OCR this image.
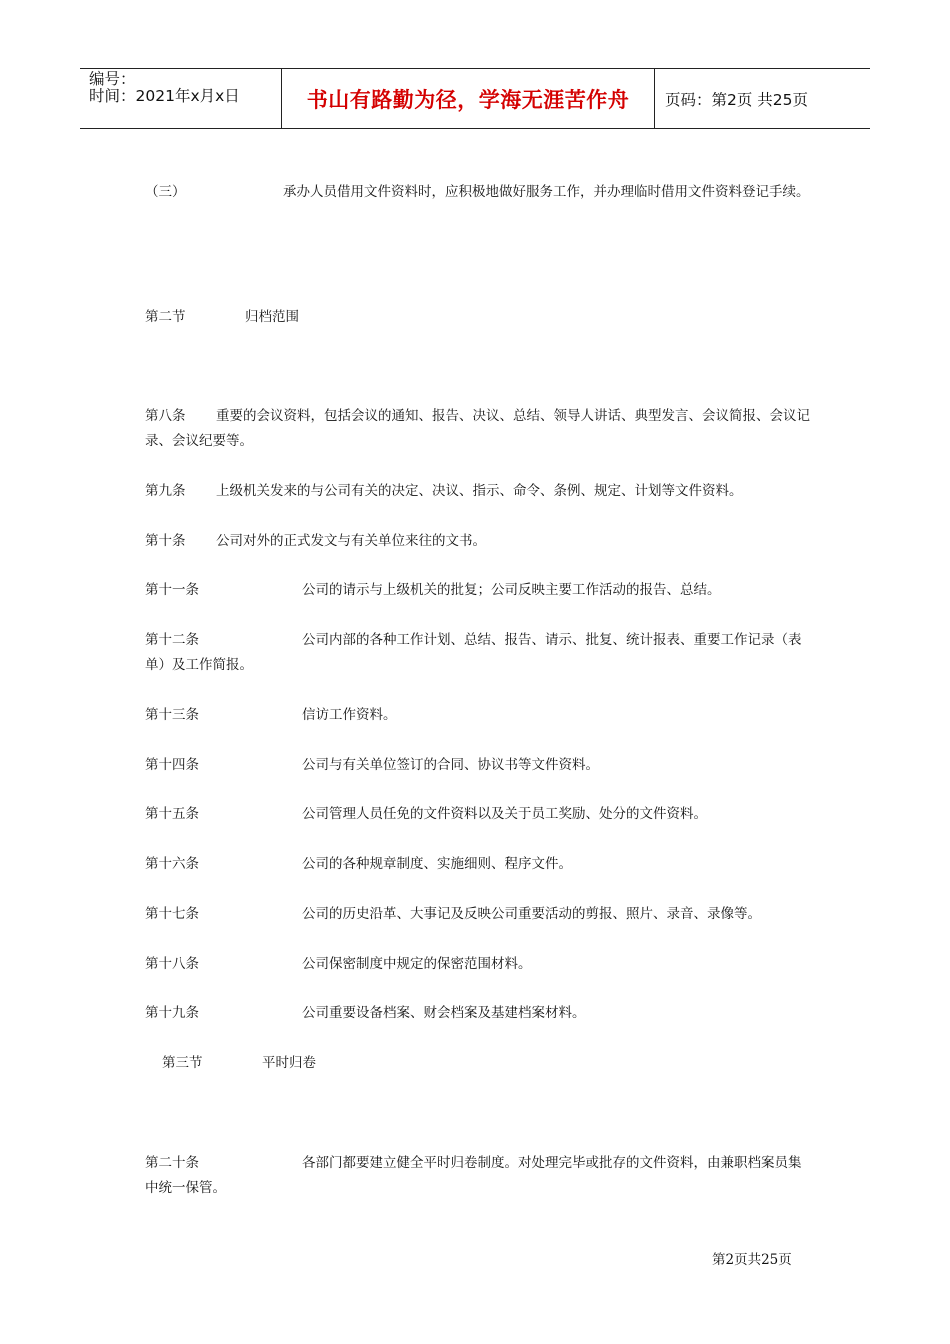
编号：
时间：2021年x月x日	书山有路勤为径，学海无涯苦作舟	页码：第2页 共25页
（三）	承办人员借用文件资料时，应积极地做好服务工作，并办理临时借用文件资料登记手续。
第二节	归档范围
第八条	重要的会议资料，包括会议的通知、报告、决议、总结、领导人讲话、典型发言、会议简报、会议记录、会议纪要等。
第九条	上级机关发来的与公司有关的决定、决议、指示、命令、条例、规定、计划等文件资料。
第十条	公司对外的正式发文与有关单位来往的文书。
第十一条	公司的请示与上级机关的批复；公司反映主要工作活动的报告、总结。
第十二条	公司内部的各种工作计划、总结、报告、请示、批复、统计报表、重要工作记录（表单）及工作简报。
第十三条	信访工作资料。
第十四条	公司与有关单位签订的合同、协议书等文件资料。
第十五条	公司管理人员任免的文件资料以及关于员工奖励、处分的文件资料。
第十六条	公司的各种规章制度、实施细则、程序文件。
第十七条	公司的历史沿革、大事记及反映公司重要活动的剪报、照片、录音、录像等。
第十八条	公司保密制度中规定的保密范围材料。
第十九条	公司重要设备档案、财会档案及基建档案材料。
第三节	平时归卷
第二十条	各部门都要建立健全平时归卷制度。对处理完毕或批存的文件资料，由兼职档案员集中统一保管。
第2页共25页
